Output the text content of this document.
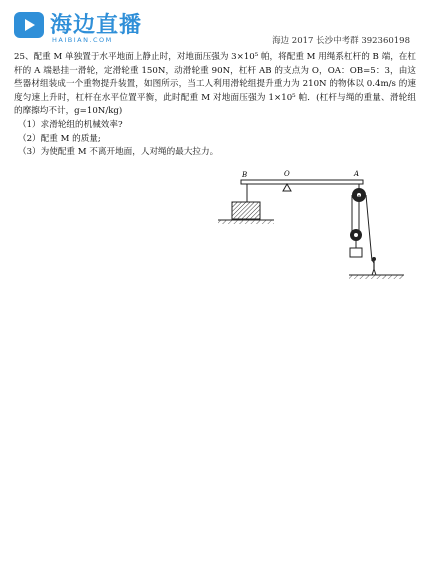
海边直播
HAIBIAN.COM	海边 2017 长沙中考群 392360198

25、配重 M 单独置于水平地面上静止时，对地面压强为 3×10⁵ 帕，将配重 M 用绳系杠杆的 B 端，在杠杆的 A 端悬挂一滑轮，定滑轮重 150N，动滑轮重 90N，杠杆 AB 的支点为 O，OA：OB=5：3，由这些器材组装成一个重物提升装置，如图所示，当工人利用滑轮组提升重力为 210N 的物体以 0.4m/s 的速度匀速上升时，杠杆在水平位置平衡，此时配重 M 对地面压强为 1×10⁵ 帕．(杠杆与绳的重量、滑轮组的摩擦均不计，g=10N/kg)

（1）求滑轮组的机械效率?

（2）配重 M 的质量;

（3）为使配重 M 不离开地面，人对绳的最大拉力。

B	O	A
